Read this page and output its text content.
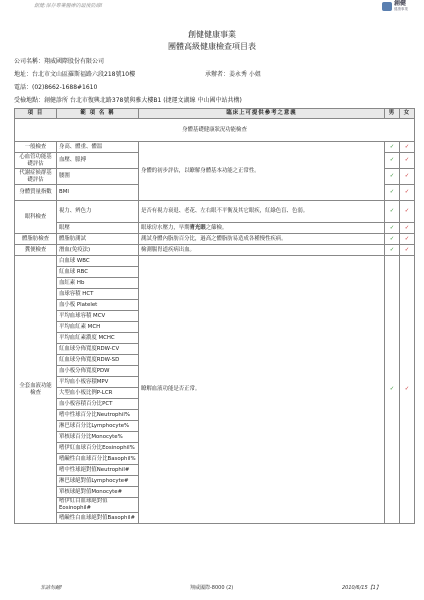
創健:保存專業醫療的最後防線!	創健
健康事業
創健健康事業
團體高級健康檢查項目表
公司名稱：翔威國際股份有限公司
地址：台北市文山區羅斯福路六段218號10樓	承辦者：姜永秀 小姐
電話：(02)8662-1688#1610
受檢地點：創健診所 台北市復興北路378號與雅大樓B1 (捷運文湖線 中山國中站共構)
項 目	範 項 名 稱	臨床上可提供參考之意義	男	女
身體基礎健康狀況功能檢查				
一般檢查	身高、體重、體溫	身體的初步評估，以瞭解身體基本功能之正常性。	✓	✓
心血管功能基礎評估	血壓、脈搏		✓	✓
代謝症候群基礎評估	腰圍		✓	✓
身體質量指數	BMI		✓	✓
眼科檢查	視力、辨色力	是否有視力衰退、老花、左右眼不平衡及其它眼疾，紅綠色盲、色弱。	✓	✓
	眼壓	眼球房水壓力，早期青光眼之篩檢。	✓	✓
體脂肪檢查	體脂肪測試	測試身體內脂肪百分比，過高之體脂肪易造成各種慢性疾病。	✓	✓
糞便檢查	潛血(免疫法)	檢測腸胃道疾病出血。	✓	✓
全套血液功能檢查	白血球 WBC	瞭解血液功能是否正常。	✓	✓
	紅血球 RBC			
	血紅素 Hb			
	血球容積 HCT			
	血小板 Platelet			
	平均血球容積 MCV			
	平均血紅素 MCH			
	平均血紅素濃度 MCHC			
	紅血球分佈寬度RDW-CV			
	紅血球分佈寬度RDW-SD			
	血小板分佈寬度PDW			
	平均血小板容積MPV			
	大型血小板比例P-LCR			
	血小板容積百分比PCT			
	嗜中性球百分比Neutrophil%			
	淋巴球百分比Lymphocyte%			
	單核球百分比Monocyte%			
	嗜伊紅血球百分比Eosinophil%			
	嗜鹼性白血球百分比Basophil%			
	嗜中性球絕對值Neutrophil#			
	淋巴球絕對值Lymphocyte#			
	單核球絕對值Monocyte#			
	嗜伊紅白血球絕對值Eosinophil#			
	嗜鹼性白血球絕對值Basophil#			
非請勿翻!	翔威國際-8000 (2)	2010/6/15【1】
